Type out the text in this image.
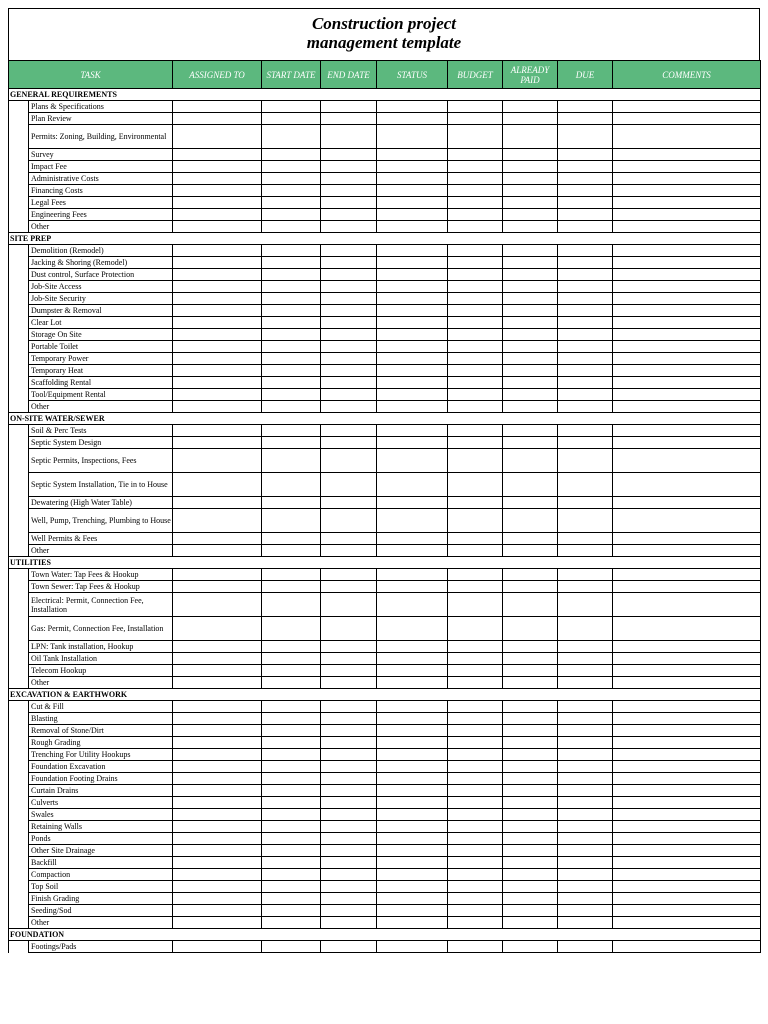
Construction project
management template
TASK		ASSIGNED TO	START DATE	END DATE	STATUS	BUDGET	ALREADY PAID	DUE	COMMENTS
GENERAL REQUIREMENTS									
	Plans & Specifications								
	Plan Review								
	Permits: Zoning, Building, Environmental								
	Survey								
	Impact Fee								
	Administrative Costs								
	Financing Costs								
	Legal Fees								
	Engineering Fees								
	Other								
SITE PREP									
	Demolition (Remodel)								
	Jacking & Shoring (Remodel)								
	Dust control, Surface Protection								
	Job-Site Access								
	Job-Site Security								
	Dumpster & Removal								
	Clear Lot								
	Storage On Site								
	Portable Toilet								
	Temporary Power								
	Temporary Heat								
	Scaffolding Rental								
	Tool/Equipment Rental								
	Other								
ON-SITE WATER/SEWER									
	Soil & Perc Tests								
	Septic System Design								
	Septic Permits, Inspections, Fees								
	Septic System Installation, Tie in to House								
	Dewatering (High Water Table)								
	Well, Pump, Trenching, Plumbing to House								
	Well Permits & Fees								
	Other								
UTILITIES									
	Town Water: Tap Fees & Hookup								
	Town Sewer: Tap Fees & Hookup								
	Electrical: Permit, Connection Fee, Installation								
	Gas: Permit, Connection Fee, Installation								
	LPN: Tank installation, Hookup								
	Oil Tank Installation								
	Telecom Hookup								
	Other								
EXCAVATION & EARTHWORK									
	Cut & Fill								
	Blasting								
	Removal of Stone/Dirt								
	Rough Grading								
	Trenching For Utility Hookups								
	Foundation Excavation								
	Foundation Footing Drains								
	Curtain Drains								
	Culverts								
	Swales								
	Retaining Walls								
	Ponds								
	Other Site Drainage								
	Backfill								
	Compaction								
	Top Soil								
	Finish Grading								
	Seeding/Sod								
	Other								
FOUNDATION									
	Footings/Pads								
